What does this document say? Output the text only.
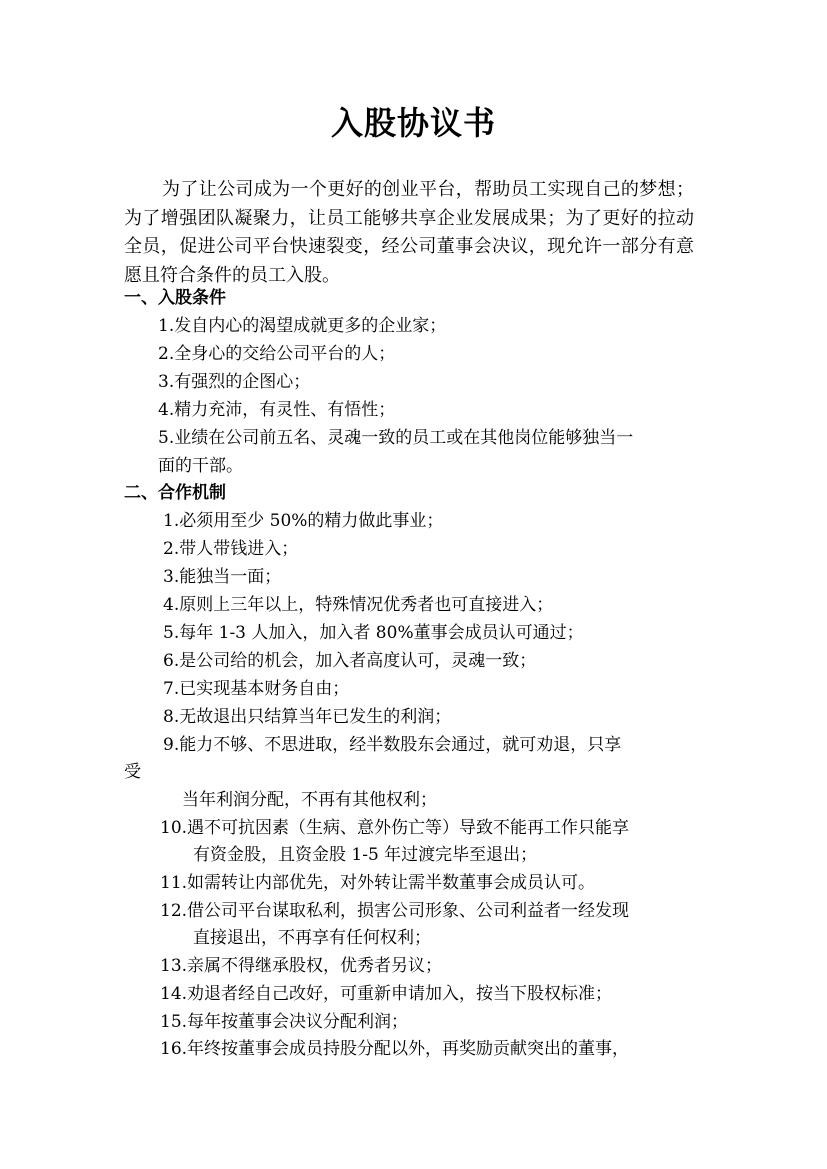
入股协议书
为了让公司成为一个更好的创业平台，帮助员工实现自己的梦想；为了增强团队凝聚力，让员工能够共享企业发展成果；为了更好的拉动全员，促进公司平台快速裂变，经公司董事会决议，现允许一部分有意愿且符合条件的员工入股。
一、入股条件
1.发自内心的渴望成就更多的企业家；
2.全身心的交给公司平台的人；
3.有强烈的企图心；
4.精力充沛，有灵性、有悟性；
5.业绩在公司前五名、灵魂一致的员工或在其他岗位能够独当一
面的干部。
二、合作机制
1.必须用至少 50%的精力做此事业；
2.带人带钱进入；
3.能独当一面；
4.原则上三年以上，特殊情况优秀者也可直接进入；
5.每年 1-3 人加入，加入者 80%董事会成员认可通过；
6.是公司给的机会，加入者高度认可，灵魂一致；
7.已实现基本财务自由；
8.无故退出只结算当年已发生的利润；
9.能力不够、不思进取，经半数股东会通过，就可劝退，只享
受
当年利润分配，不再有其他权利；
10.遇不可抗因素（生病、意外伤亡等）导致不能再工作只能享
有资金股，且资金股 1-5 年过渡完毕至退出；
11.如需转让内部优先，对外转让需半数董事会成员认可。
12.借公司平台谋取私利，损害公司形象、公司利益者一经发现
直接退出，不再享有任何权利；
13.亲属不得继承股权，优秀者另议；
14.劝退者经自己改好，可重新申请加入，按当下股权标准；
15.每年按董事会决议分配利润；
16.年终按董事会成员持股分配以外，再奖励贡献突出的董事，
